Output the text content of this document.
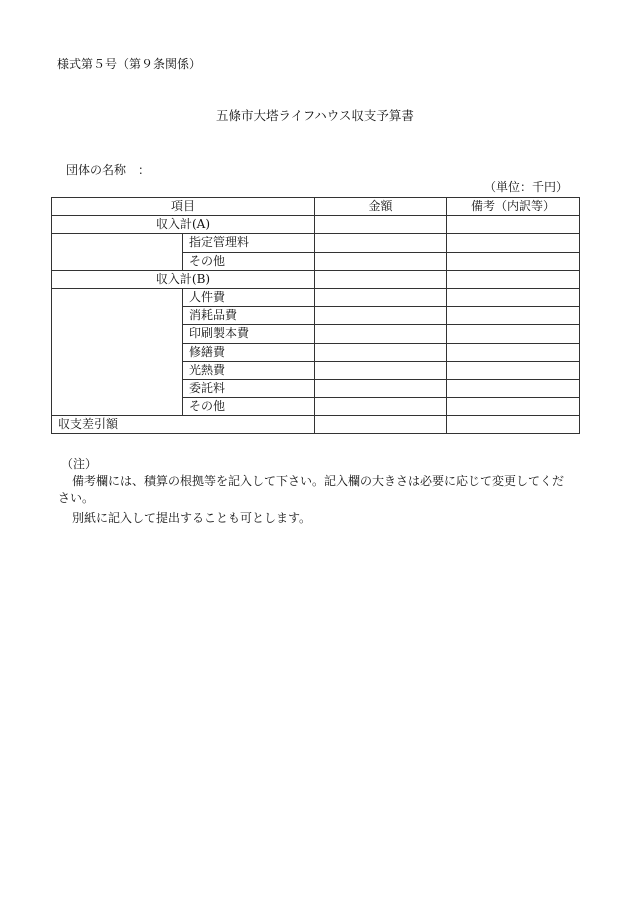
様式第５号（第９条関係）
五條市大塔ライフハウス収支予算書
団体の名称　：
（単位：千円）
項目		金額	備考（内訳等）
収入計(A)			
	指定管理料		
	その他		
収入計(B)			
	人件費		
	消耗品費		
	印刷製本費		
	修繕費		
	光熱費		
	委託料		
	その他		
収支差引額			
（注）
備考欄には、積算の根拠等を記入して下さい。記入欄の大きさは必要に応じて変更してくだ
さい。
別紙に記入して提出することも可とします。
